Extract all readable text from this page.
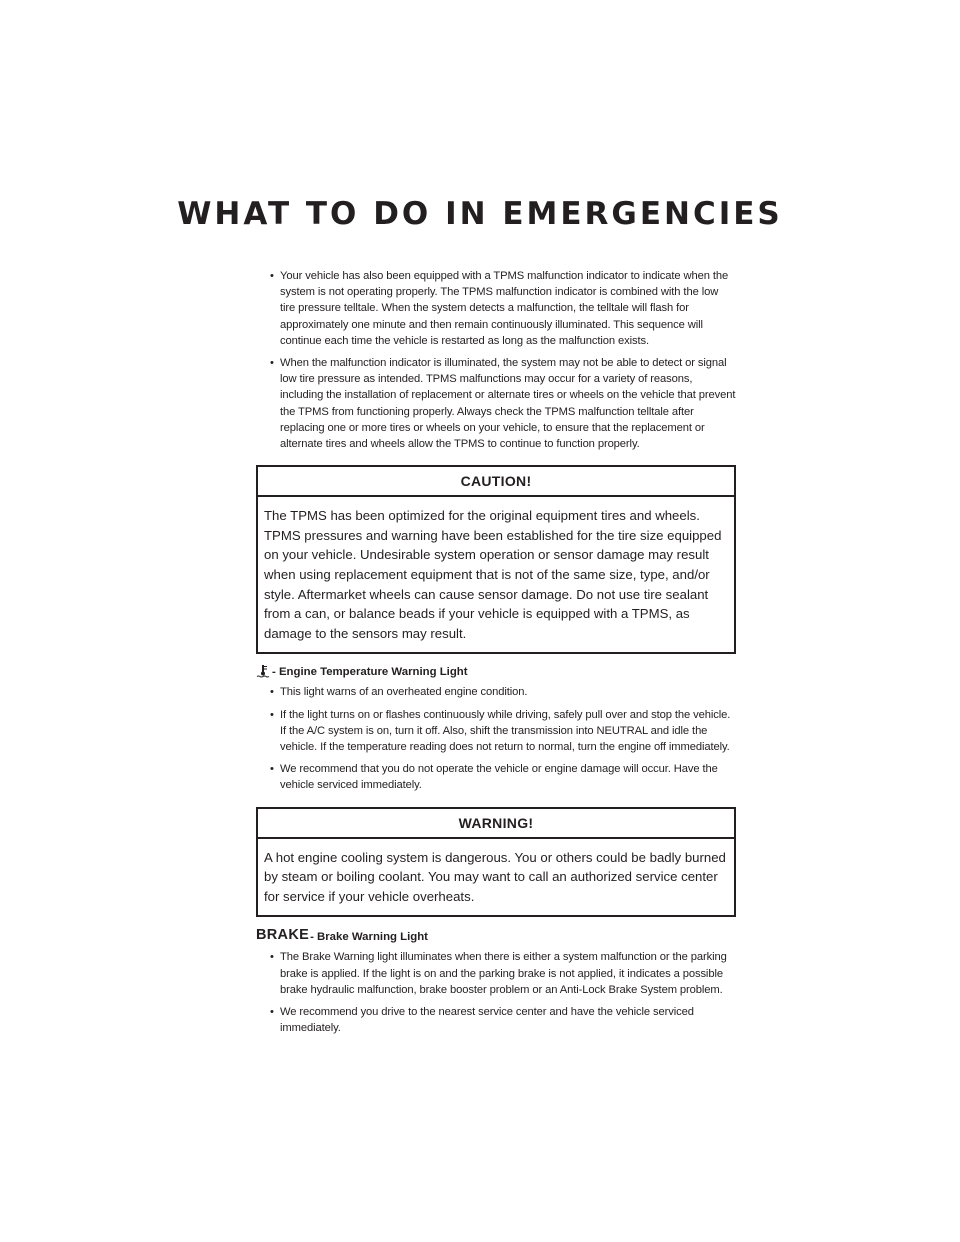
WHAT TO DO IN EMERGENCIES
• Your vehicle has also been equipped with a TPMS malfunction indicator to indicate when the system is not operating properly. The TPMS malfunction indicator is combined with the low tire pressure telltale. When the system detects a malfunction, the telltale will flash for approximately one minute and then remain continuously illuminated. This sequence will continue each time the vehicle is restarted as long as the malfunction exists.
• When the malfunction indicator is illuminated, the system may not be able to detect or signal low tire pressure as intended. TPMS malfunctions may occur for a variety of reasons, including the installation of replacement or alternate tires or wheels on the vehicle that prevent the TPMS from functioning properly. Always check the TPMS malfunction telltale after replacing one or more tires or wheels on your vehicle, to ensure that the replacement or alternate tires and wheels allow the TPMS to continue to function properly.
CAUTION!
The TPMS has been optimized for the original equipment tires and wheels. TPMS pressures and warning have been established for the tire size equipped on your vehicle. Undesirable system operation or sensor damage may result when using replacement equipment that is not of the same size, type, and/or style. Aftermarket wheels can cause sensor damage. Do not use tire sealant from a can, or balance beads if your vehicle is equipped with a TPMS, as damage to the sensors may result.
- Engine Temperature Warning Light
• This light warns of an overheated engine condition.
• If the light turns on or flashes continuously while driving, safely pull over and stop the vehicle. If the A/C system is on, turn it off. Also, shift the transmission into NEUTRAL and idle the vehicle. If the temperature reading does not return to normal, turn the engine off immediately.
• We recommend that you do not operate the vehicle or engine damage will occur. Have the vehicle serviced immediately.
WARNING!
A hot engine cooling system is dangerous. You or others could be badly burned by steam or boiling coolant. You may want to call an authorized service center for service if your vehicle overheats.
BRAKE - Brake Warning Light
• The Brake Warning light illuminates when there is either a system malfunction or the parking brake is applied. If the light is on and the parking brake is not applied, it indicates a possible brake hydraulic malfunction, brake booster problem or an Anti-Lock Brake System problem.
• We recommend you drive to the nearest service center and have the vehicle serviced immediately.
